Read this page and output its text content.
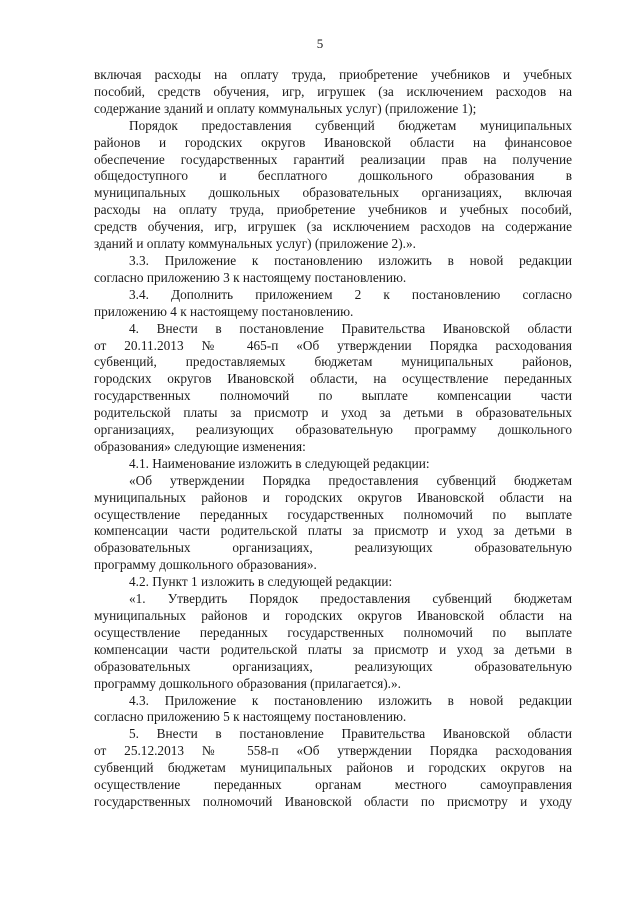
5
включая расходы на оплату труда, приобретение учебников и учебных
пособий, средств обучения, игр, игрушек (за исключением расходов на
содержание зданий и оплату коммунальных услуг) (приложение 1);
Порядок предоставления субвенций бюджетам муниципальных
районов и городских округов Ивановской области на финансовое
обеспечение государственных гарантий реализации прав на получение
общедоступного и бесплатного дошкольного образования в
муниципальных дошкольных образовательных организациях, включая
расходы на оплату труда, приобретение учебников и учебных пособий,
средств обучения, игр, игрушек (за исключением расходов на содержание
зданий и оплату коммунальных услуг) (приложение 2).».
3.3. Приложение к постановлению изложить в новой редакции
согласно приложению 3 к настоящему постановлению.
3.4. Дополнить приложением 2 к постановлению согласно
приложению 4 к настоящему постановлению.
4. Внести в постановление Правительства Ивановской области
от 20.11.2013 № 465-п «Об утверждении Порядка расходования
субвенций, предоставляемых бюджетам муниципальных районов,
городских округов Ивановской области, на осуществление переданных
государственных полномочий по выплате компенсации части
родительской платы за присмотр и уход за детьми в образовательных
организациях, реализующих образовательную программу дошкольного
образования» следующие изменения:
4.1. Наименование изложить в следующей редакции:
«Об утверждении Порядка предоставления субвенций бюджетам
муниципальных районов и городских округов Ивановской области на
осуществление переданных государственных полномочий по выплате
компенсации части родительской платы за присмотр и уход за детьми в
образовательных организациях, реализующих образовательную
программу дошкольного образования».
4.2. Пункт 1 изложить в следующей редакции:
«1. Утвердить Порядок предоставления субвенций бюджетам
муниципальных районов и городских округов Ивановской области на
осуществление переданных государственных полномочий по выплате
компенсации части родительской платы за присмотр и уход за детьми в
образовательных организациях, реализующих образовательную
программу дошкольного образования (прилагается).».
4.3. Приложение к постановлению изложить в новой редакции
согласно приложению 5 к настоящему постановлению.
5. Внести в постановление Правительства Ивановской области
от 25.12.2013 № 558-п «Об утверждении Порядка расходования
субвенций бюджетам муниципальных районов и городских округов на
осуществление переданных органам местного самоуправления
государственных полномочий Ивановской области по присмотру и уходу
